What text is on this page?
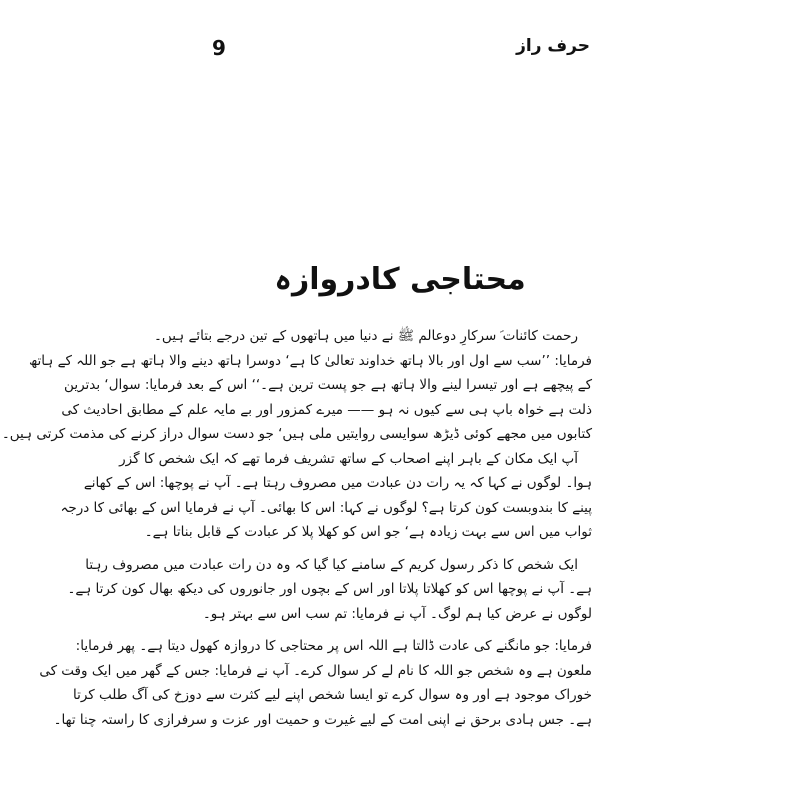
9	حرف راز
محتاجی کادروازہ
رحمت کائنات ؐ سرکارِ دوعالم ﷺ نے دنیا میں ہاتھوں کے تین درجے بتائے ہیں۔
فرمایا: ’’سب سے اول اور بالا ہاتھ خداوند تعالیٰ کا ہے‘ دوسرا ہاتھ دینے والا ہاتھ ہے جو اللہ کے ہاتھ
کے پیچھے ہے اور تیسرا لینے والا ہاتھ ہے جو پست ترین ہے۔‘‘ اس کے بعد فرمایا: سوال‘ بدترین
ذلت ہے خواہ باپ ہی سے کیوں نہ ہو —— میرے کمزور اور بے مایہ علم کے مطابق احادیث کی
کتابوں میں مجھے کوئی ڈیڑھ سوایسی روایتیں ملی ہیں‘ جو دست سوال دراز کرنے کی مذمت کرتی ہیں۔
آپ ایک مکان کے باہر اپنے اصحاب کے ساتھ تشریف فرما تھے کہ ایک شخص کا گزر
ہوا۔ لوگوں نے کہا کہ یہ رات دن عبادت میں مصروف رہتا ہے۔ آپ نے پوچھا: اس کے کھانے
پینے کا بندوبست کون کرتا ہے؟ لوگوں نے کہا: اس کا بھائی۔ آپ نے فرمایا اس کے بھائی کا درجہ
ثواب میں اس سے بہت زیادہ ہے‘ جو اس کو کھلا پلا کر عبادت کے قابل بناتا ہے۔
ایک شخص کا ذکر رسول کریم کے سامنے کیا گیا کہ وہ دن رات عبادت میں مصروف رہتا
ہے۔ آپ نے پوچھا اس کو کھلاتا پلاتا اور اس کے بچوں اور جانوروں کی دیکھ بھال کون کرتا ہے۔
لوگوں نے عرض کیا ہم لوگ۔ آپ نے فرمایا: تم سب اس سے بہتر ہو۔
فرمایا: جو مانگنے کی عادت ڈالتا ہے اللہ اس پر محتاجی کا دروازہ کھول دیتا ہے۔ پھر فرمایا:
ملعون ہے وہ شخص جو اللہ کا نام لے کر سوال کرے۔ آپ نے فرمایا: جس کے گھر میں ایک وقت کی
خوراک موجود ہے اور وہ سوال کرے تو ایسا شخص اپنے لیے کثرت سے دوزخ کی آگ طلب کرتا
ہے۔ جس ہادی برحق نے اپنی امت کے لیے غیرت و حمیت اور عزت و سرفرازی کا راستہ چنا تھا۔
